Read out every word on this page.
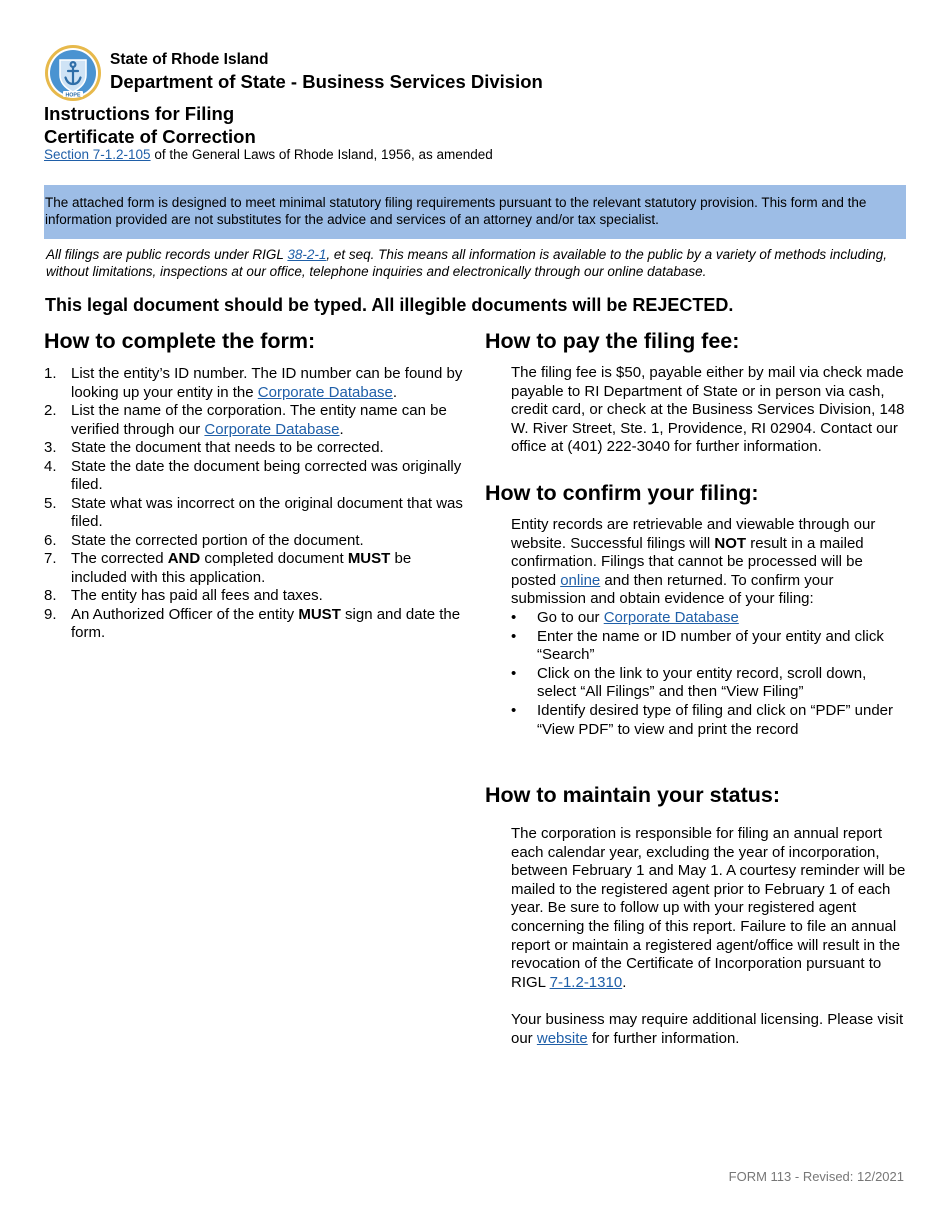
HOPE
State of Rhode Island
Department of State - Business Services Division
Instructions for Filing
Certificate of Correction
Section 7-1.2-105 of the General Laws of Rhode Island, 1956, as amended
The attached form is designed to meet minimal statutory filing requirements pursuant to the relevant statutory provision. This form and the information provided are not substitutes for the advice and services of an attorney and/or tax specialist.
All filings are public records under RIGL 38-2-1, et seq. This means all information is available to the public by a variety of methods including, without limitations, inspections at our office, telephone inquiries and electronically through our online database.
This legal document should be typed. All illegible documents will be REJECTED.
How to complete the form:
1. List the entity’s ID number. The ID number can be found by looking up your entity in the Corporate Database.
2. List the name of the corporation. The entity name can be verified through our Corporate Database.
3. State the document that needs to be corrected.
4. State the date the document being corrected was originally filed.
5. State what was incorrect on the original document that was filed.
6. State the corrected portion of the document.
7. The corrected AND completed document MUST be included with this application.
8. The entity has paid all fees and taxes.
9. An Authorized Officer of the entity MUST sign and date the form.
How to pay the filing fee:
The filing fee is $50, payable either by mail via check made payable to RI Department of State or in person via cash, credit card, or check at the Business Services Division, 148 W. River Street, Ste. 1, Providence, RI 02904. Contact our office at (401) 222-3040 for further information.
How to confirm your filing:
Entity records are retrievable and viewable through our website. Successful filings will NOT result in a mailed confirmation. Filings that cannot be processed will be posted online and then returned. To confirm your submission and obtain evidence of your filing:
• Go to our Corporate Database
• Enter the name or ID number of your entity and click “Search”
• Click on the link to your entity record, scroll down, select “All Filings” and then “View Filing”
• Identify desired type of filing and click on “PDF” under “View PDF” to view and print the record
How to maintain your status:
The corporation is responsible for filing an annual report each calendar year, excluding the year of incorporation, between February 1 and May 1. A courtesy reminder will be mailed to the registered agent prior to February 1 of each year. Be sure to follow up with your registered agent concerning the filing of this report. Failure to file an annual report or maintain a registered agent/office will result in the revocation of the Certificate of Incorporation pursuant to RIGL 7-1.2-1310.
Your business may require additional licensing. Please visit our website for further information.
FORM 113 - Revised: 12/2021
